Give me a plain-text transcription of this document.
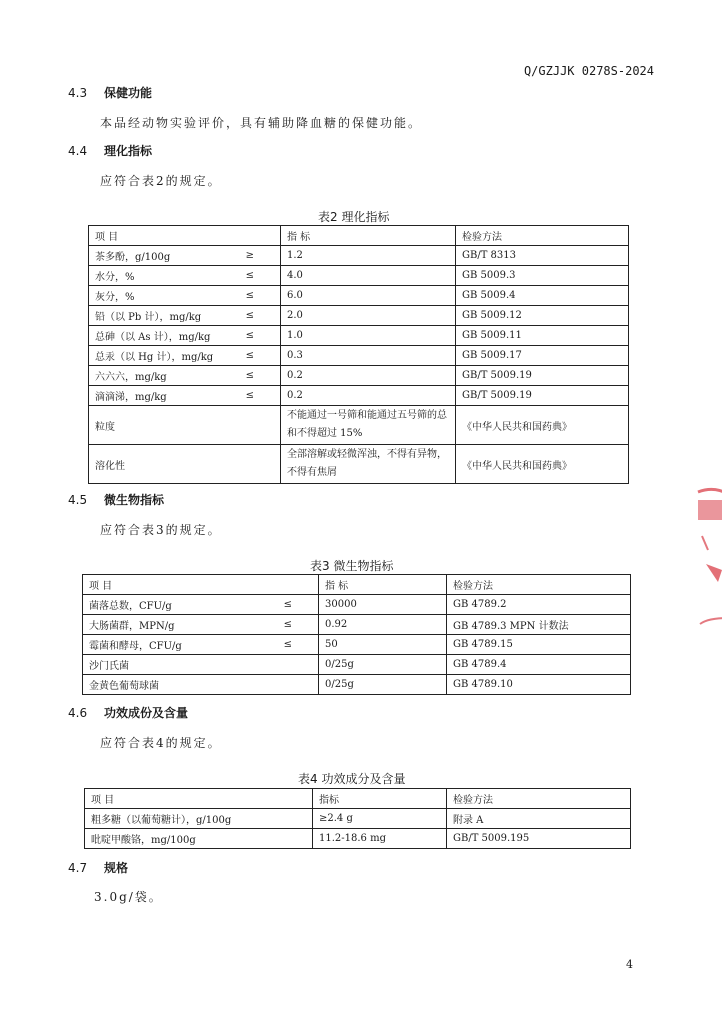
Q/GZJJK 0278S-2024
4.3 保健功能
本品经动物实验评价，具有辅助降血糖的保健功能。
4.4 理化指标
应符合表2的规定。
表2 理化指标
项 目	指 标	检验方法

茶多酚，g/100g ≥	1.2	GB/T 8313

水分，% ≤	4.0	GB 5009.3

灰分，% ≤	6.0	GB 5009.4

铅（以 Pb 计），mg/kg ≤	2.0	GB 5009.12

总砷（以 As 计），mg/kg ≤	1.0	GB 5009.11

总汞（以 Hg 计），mg/kg ≤	0.3	GB 5009.17

六六六，mg/kg ≤	0.2	GB/T 5009.19

滴滴涕，mg/kg ≤	0.2	GB/T 5009.19

粒度	不能通过一号筛和能通过五号筛的总和不得超过 15%	《中华人民共和国药典》

溶化性	全部溶解或轻微浑浊，不得有异物，不得有焦屑	《中华人民共和国药典》
4.5 微生物指标
应符合表3的规定。
表3 微生物指标
项 目	指 标	检验方法

菌落总数，CFU/g ≤	30000	GB 4789.2

大肠菌群，MPN/g ≤	0.92	GB 4789.3 MPN 计数法

霉菌和酵母，CFU/g ≤	50	GB 4789.15

沙门氏菌	0/25g	GB 4789.4

金黄色葡萄球菌	0/25g	GB 4789.10
4.6 功效成份及含量
应符合表4的规定。
表4 功效成分及含量
项 目	指标	检验方法

粗多糖（以葡萄糖计），g/100g	≥2.4 g	附录 A

吡啶甲酸铬，mg/100g	11.2-18.6 mg	GB/T 5009.195
4.7 规格
3.0g/袋。
4
